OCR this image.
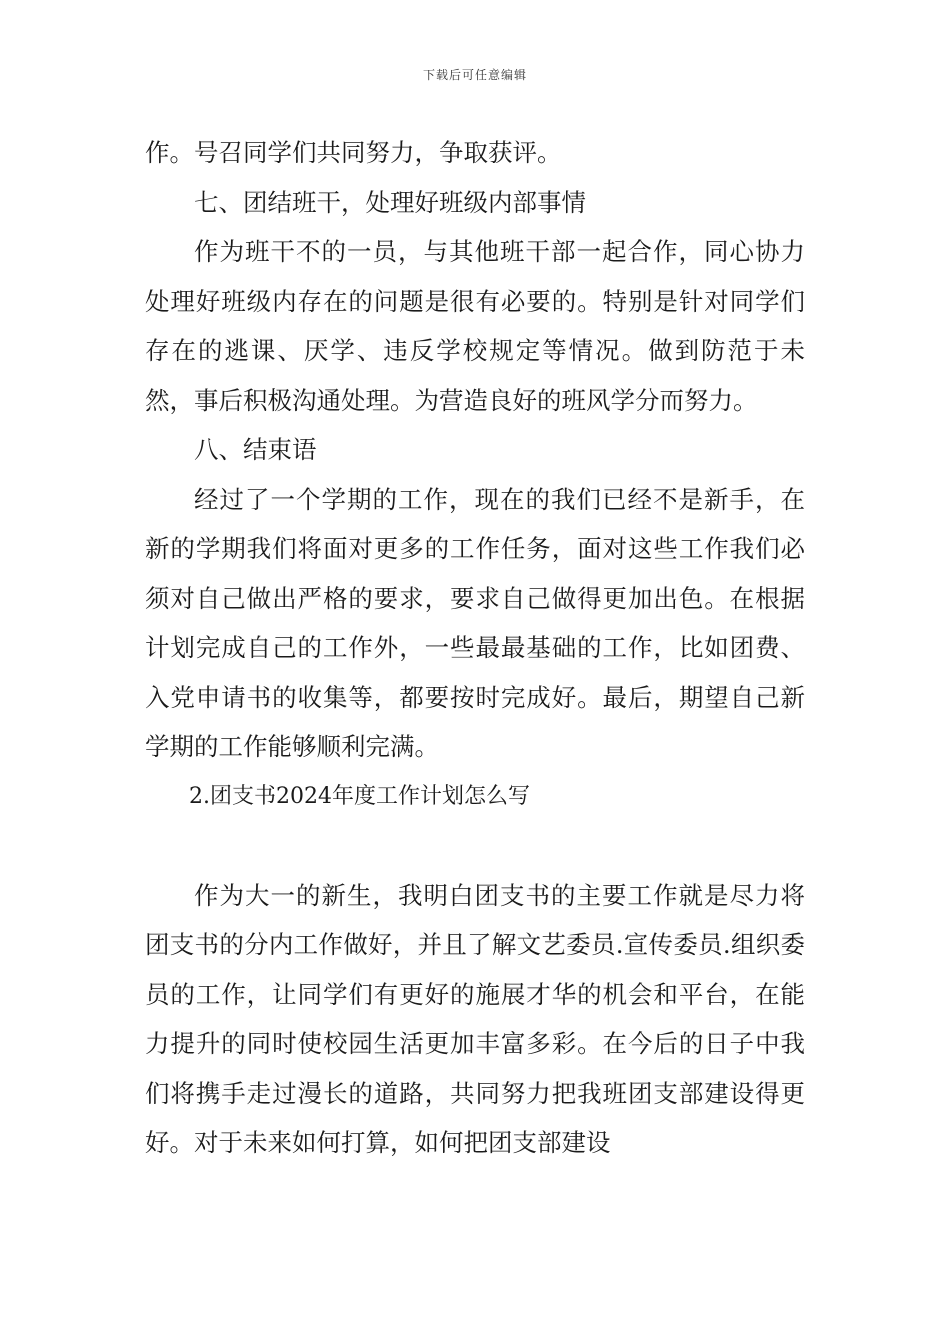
下载后可任意编辑

作。号召同学们共同努力，争取获评。

七、团结班干，处理好班级内部事情

作为班干不的一员，与其他班干部一起合作，同心协力处理好班级内存在的问题是很有必要的。特别是针对同学们存在的逃课、厌学、违反学校规定等情况。做到防范于未然，事后积极沟通处理。为营造良好的班风学分而努力。

八、结束语

经过了一个学期的工作，现在的我们已经不是新手，在新的学期我们将面对更多的工作任务，面对这些工作我们必须对自己做出严格的要求，要求自己做得更加出色。在根据计划完成自己的工作外，一些最最基础的工作，比如团费、入党申请书的收集等，都要按时完成好。最后，期望自己新学期的工作能够顺利完满。

2.团支书2024年度工作计划怎么写

作为大一的新生，我明白团支书的主要工作就是尽力将团支书的分内工作做好，并且了解文艺委员.宣传委员.组织委员的工作，让同学们有更好的施展才华的机会和平台，在能力提升的同时使校园生活更加丰富多彩。在今后的日子中我们将携手走过漫长的道路，共同努力把我班团支部建设得更好。对于未来如何打算，如何把团支部建设
